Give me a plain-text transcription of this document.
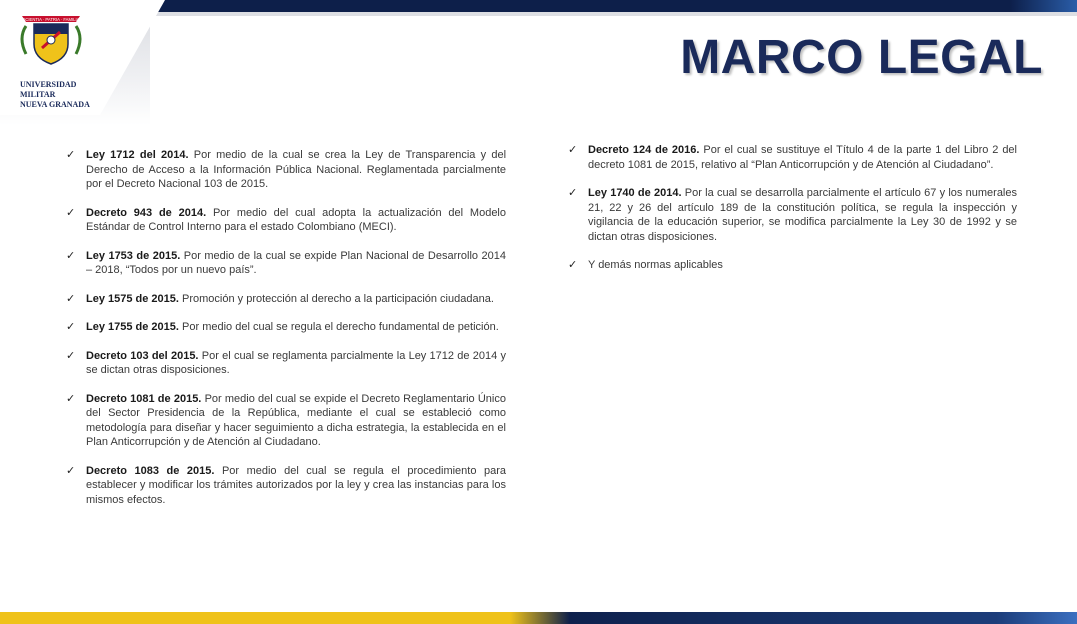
SCIENTIA · PATRIA · FAMILIA
UNIVERSIDAD MILITAR
NUEVA GRANADA
MARCO LEGAL
✓ Ley 1712 del 2014. Por medio de la cual se crea la Ley de Transparencia y del Derecho de Acceso a la Información Pública Nacional. Reglamentada parcialmente por el Decreto Nacional 103 de 2015.
✓ Decreto 943 de 2014. Por medio del cual adopta la actualización del Modelo Estándar de Control Interno para el estado Colombiano (MECI).
✓ Ley 1753 de 2015. Por medio de la cual se expide Plan Nacional de Desarrollo 2014 – 2018, “Todos por un nuevo país”.
✓ Ley 1575 de 2015. Promoción y protección al derecho a la participación ciudadana.
✓ Ley 1755 de 2015. Por medio del cual se regula el derecho fundamental de petición.
✓ Decreto 103 del 2015. Por el cual se reglamenta parcialmente la Ley 1712 de 2014 y se dictan otras disposiciones.
✓ Decreto 1081 de 2015. Por medio del cual se expide el Decreto Reglamentario Único del Sector Presidencia de la República, mediante el cual se estableció como metodología para diseñar y hacer seguimiento a dicha estrategia, la establecida en el Plan Anticorrupción y de Atención al Ciudadano.
✓ Decreto 1083 de 2015. Por medio del cual se regula el procedimiento para establecer y modificar los trámites autorizados por la ley y crea las instancias para los mismos efectos.
✓ Decreto 124 de 2016. Por el cual se sustituye el Título 4 de la parte 1 del Libro 2 del decreto 1081 de 2015, relativo al “Plan Anticorrupción y de Atención al Ciudadano”.
✓ Ley 1740 de 2014. Por la cual se desarrolla parcialmente el artículo 67 y los numerales 21, 22 y 26 del artículo 189 de la constitución política, se regula la inspección y vigilancia de la educación superior, se modifica parcialmente la Ley 30 de 1992 y se dictan otras disposiciones.
✓ Y demás normas aplicables
